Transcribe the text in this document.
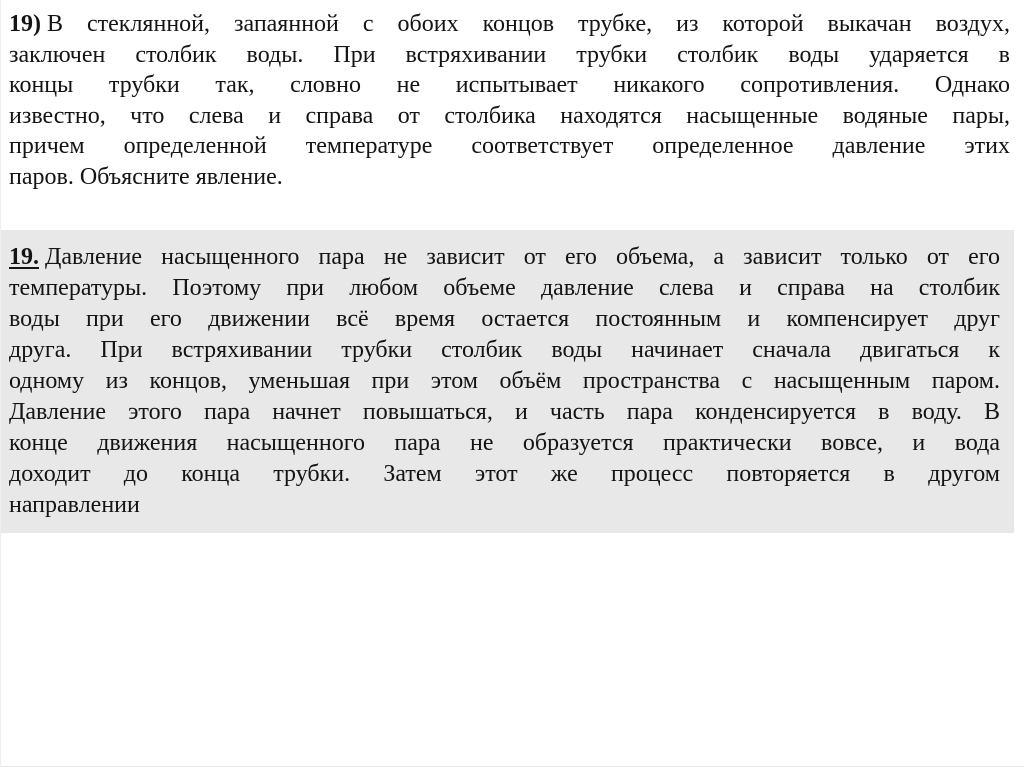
19) В стеклянной, запаянной с обоих концов трубке, из которой выкачан воздух,
заключен столбик воды. При встряхивании трубки столбик воды ударяется в
концы трубки так, словно не испытывает никакого сопротивления. Однако
известно, что слева и справа от столбика находятся насыщенные водяные пары,
причем определенной температуре соответствует определенное давление этих
паров. Объясните явление.
19. Давление насыщенного пара не зависит от его объема, а зависит только от его
температуры. Поэтому при любом объеме давление слева и справа на столбик
воды при его движении всё время остается постоянным и компенсирует друг
друга. При встряхивании трубки столбик воды начинает сначала двигаться к
одному из концов, уменьшая при этом объём пространства с насыщенным паром.
Давление этого пара начнет повышаться, и часть пара конденсируется в воду. В
конце движения насыщенного пара не образуется практически вовсе, и вода
доходит до конца трубки. Затем этот же процесс повторяется в другом
направлении
